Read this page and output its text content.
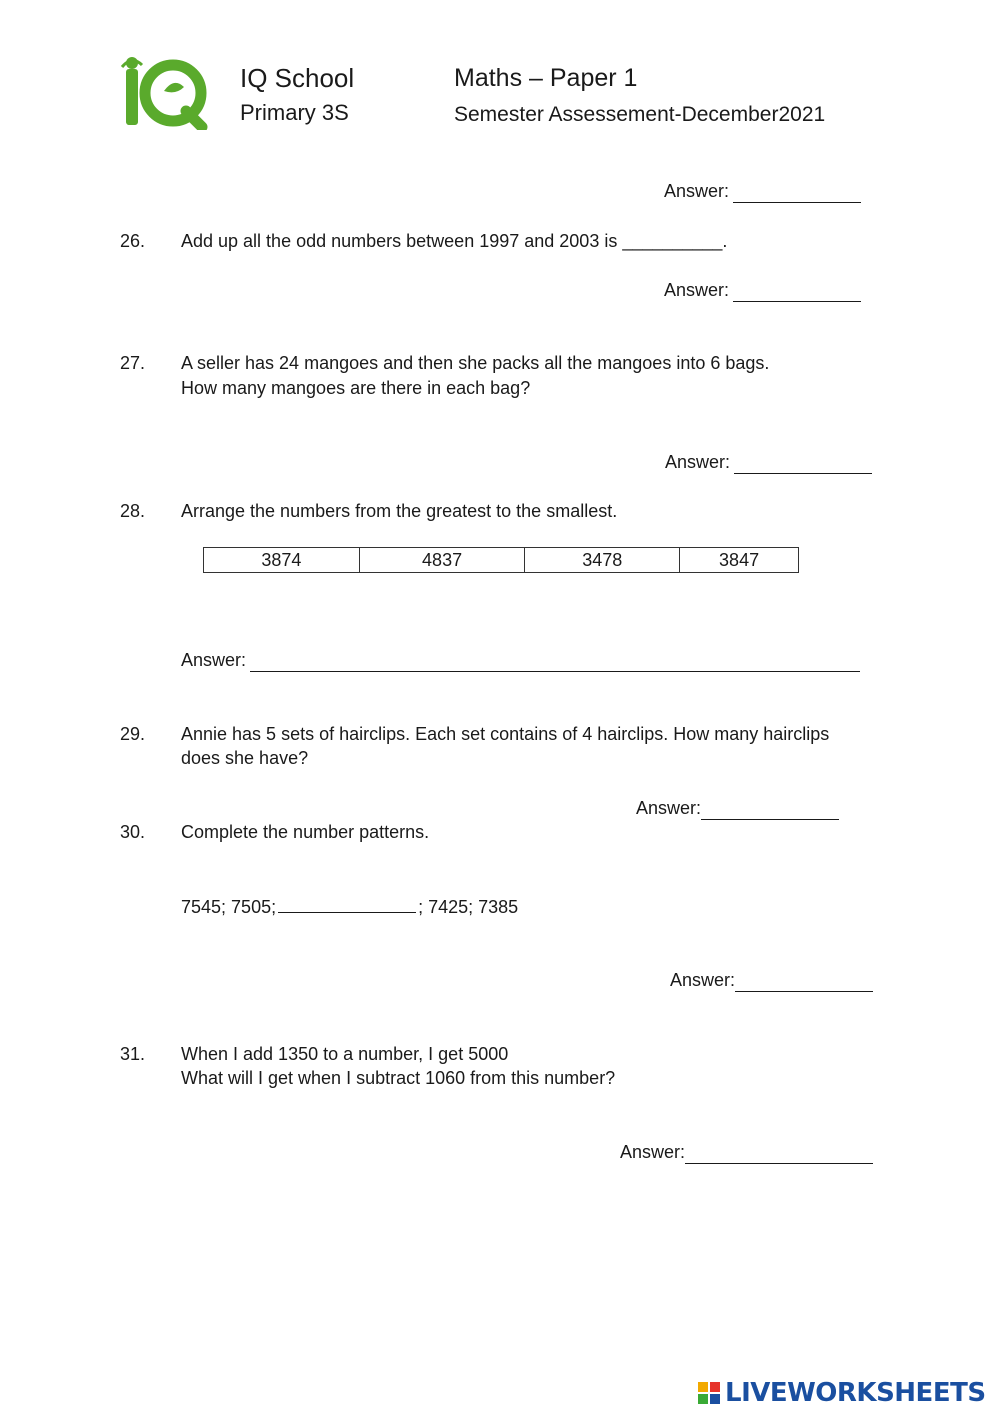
IQ
IQ School
Primary 3S
Maths – Paper 1
Semester Assessement-December2021
Answer:
26. Add up all the odd numbers between 1997 and 2003 is __________.
Answer:
27. A seller has 24 mangoes and then she packs all the mangoes into 6 bags.
How many mangoes are there in each bag?
Answer:
28. Arrange the numbers from the greatest to the smallest.
3874	4837	3478	3847
Answer:
29. Annie has 5 sets of hairclips. Each set contains of 4 hairclips. How many hairclips
does she have?
Answer:
30. Complete the number patterns.
7545; 7505;	; 7425; 7385
Answer:
31. When I add 1350 to a number, I get 5000
What will I get when I subtract 1060 from this number?
Answer:
LIVEWORKSHEETS
